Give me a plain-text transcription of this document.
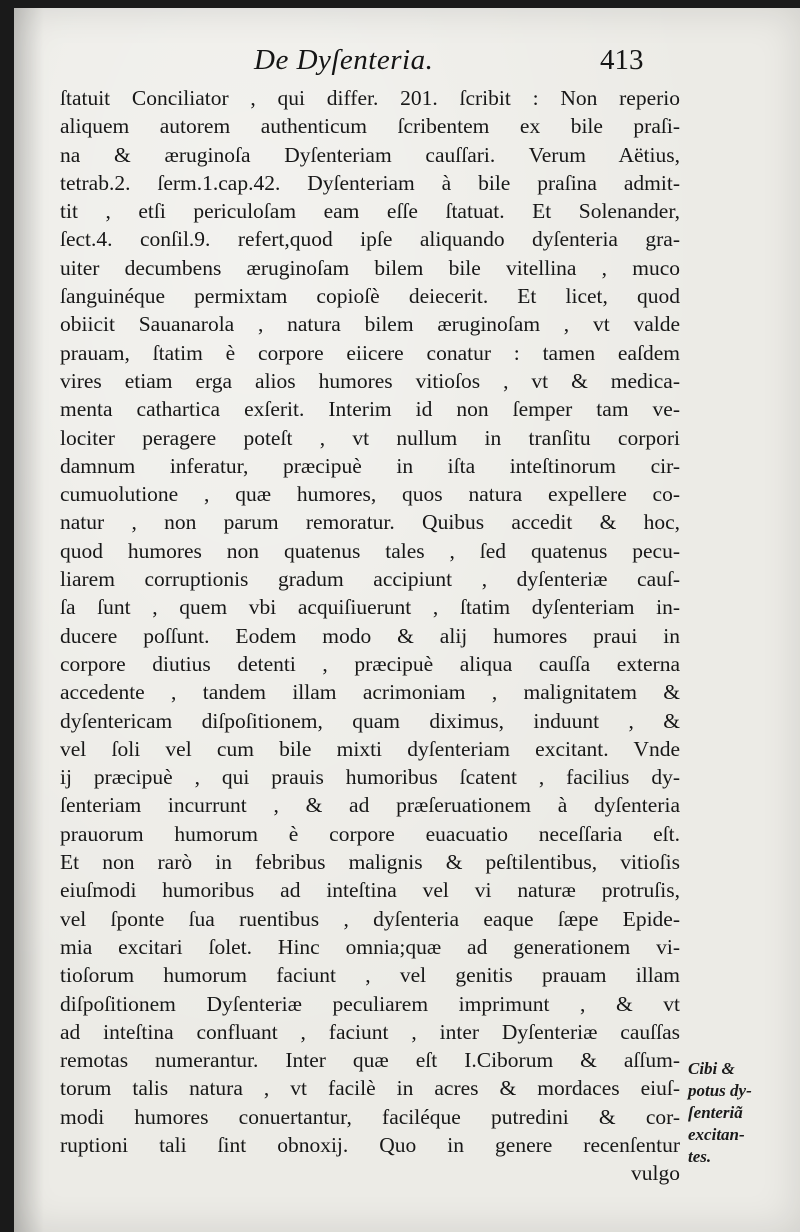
De Dyſenteria.	413
ſtatuit Conciliator , qui differ. 201. ſcribit : Non reperio
aliquem autorem authenticum ſcribentem ex bile praſi-
na & æruginoſa Dyſenteriam cauſſari. Verum Aëtius,
tetrab.2. ſerm.1.cap.42. Dyſenteriam à bile praſina admit-
tit , etſi periculoſam eam eſſe ſtatuat. Et Solenander,
ſect.4. conſil.9. refert,quod ipſe aliquando dyſenteria gra-
uiter decumbens æruginoſam bilem bile vitellina , muco
ſanguinéque permixtam copioſè deiecerit. Et licet, quod
obiicit Sauanarola , natura bilem æruginoſam , vt valde
prauam, ſtatim è corpore eiicere conatur : tamen eaſdem
vires etiam erga alios humores vitioſos , vt & medica-
menta cathartica exſerit. Interim id non ſemper tam ve-
lociter peragere poteſt , vt nullum in tranſitu corpori
damnum inferatur, præcipuè in iſta inteſtinorum cir-
cumuolutione , quæ humores, quos natura expellere co-
natur , non parum remoratur. Quibus accedit & hoc,
quod humores non quatenus tales , ſed quatenus pecu-
liarem corruptionis gradum accipiunt , dyſenteriæ cauſ-
ſa ſunt , quem vbi acquiſiuerunt , ſtatim dyſenteriam in-
ducere poſſunt. Eodem modo & alij humores praui in
corpore diutius detenti , præcipuè aliqua cauſſa externa
accedente , tandem illam acrimoniam , malignitatem &
dyſentericam diſpoſitionem, quam diximus, induunt , &
vel ſoli vel cum bile mixti dyſenteriam excitant. Vnde
ij præcipuè , qui prauis humoribus ſcatent , facilius dy-
ſenteriam incurrunt , & ad præſeruationem à dyſenteria
prauorum humorum è corpore euacuatio neceſſaria eſt.
Et non rarò in febribus malignis & peſtilentibus, vitioſis
eiuſmodi humoribus ad inteſtina vel vi naturæ protruſis,
vel ſponte ſua ruentibus , dyſenteria eaque ſæpe Epide-
mia excitari ſolet. Hinc omnia;quæ ad generationem vi-
tioſorum humorum faciunt , vel genitis prauam illam
diſpoſitionem Dyſenteriæ peculiarem imprimunt , & vt
ad inteſtina confluant , faciunt , inter Dyſenteriæ cauſſas
remotas numerantur. Inter quæ eſt I.Ciborum & aſſum-
torum talis natura , vt facilè in acres & mordaces eiuſ-
modi humores conuertantur, faciléque putredini & cor-
ruptioni tali ſint obnoxij. Quo in genere recenſentur
vulgo
Cibi &
potus dy-
ſenteriã
excitan-
tes.
